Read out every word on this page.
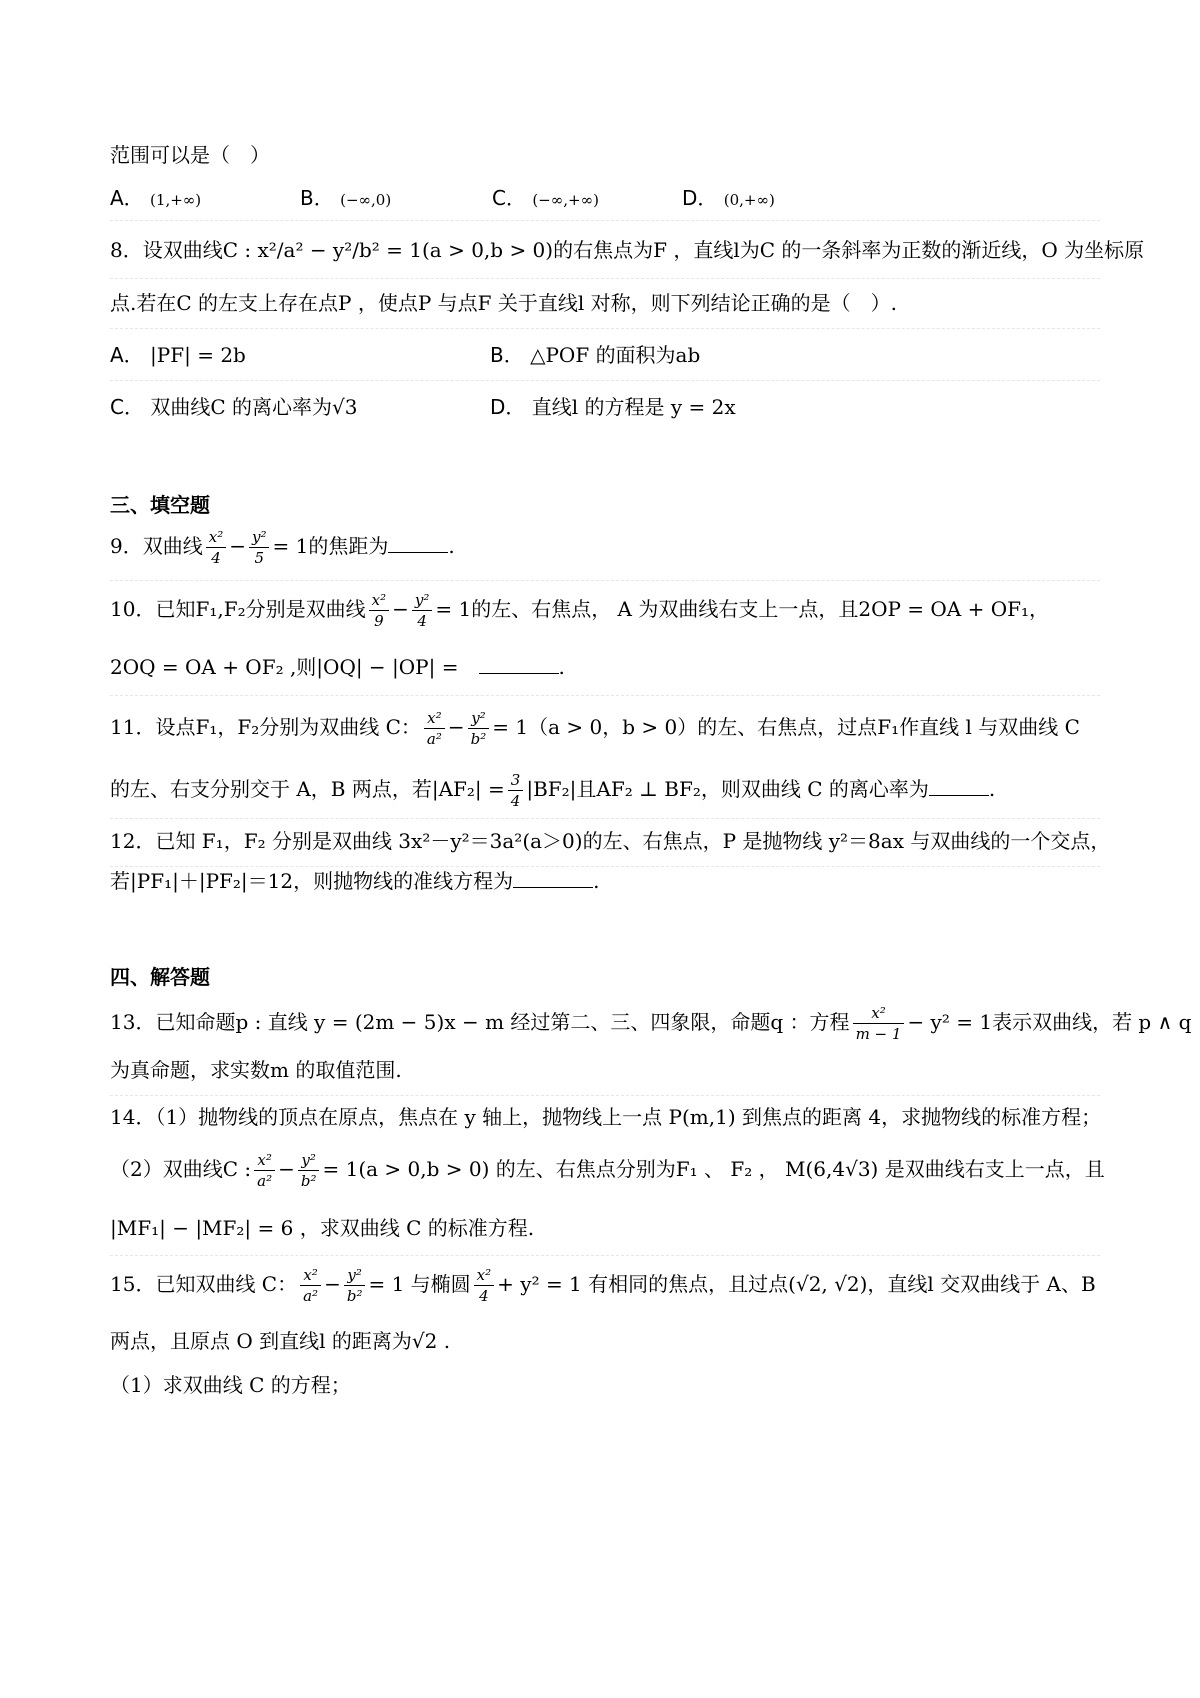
范围可以是（　）
A． (1,+∞)	B． (−∞,0)	C． (−∞,+∞)	D． (0,+∞)
8．设双曲线C : x²/a² − y²/b² = 1(a > 0,b > 0)的右焦点为F ，直线l为C 的一条斜率为正数的渐近线，O 为坐标原
点.若在C 的左支上存在点P ，使点P 与点F 关于直线l 对称，则下列结论正确的是（　）.
A． |PF| = 2b	B． △POF 的面积为ab
C． 双曲线C 的离心率为√3	D． 直线l 的方程是 y = 2x
三、填空题
9．双曲线 $\frac{\text{x²}}{4} - \frac{\text{y²}}{5} = 1$的焦距为	.
10．已知F₁,F₂分别是双曲线 $\frac{\text{x²}}{9} - \frac{\text{y²}}{4} = 1$的左、右焦点， A 为双曲线右支上一点，且2OP = OA + OF₁，
2OQ = OA + OF₂ ,则|OQ| − |OP| =　	.
11．设点F₁，F₂分别为双曲线 C： $\frac{\text{x²}}{\text{a²}} - \frac{\text{y²}}{\text{b²}} = 1(a > 0$，b > 0）的左、右焦点，过点F₁作直线 l 与双曲线 C
的左、右支分别交于 A，B 两点，若$|AF_2| = \frac{3}{4} |BF_2|$且AF₂ ⊥ BF₂，则双曲线 C 的离心率为	.
12．已知 F₁，F₂ 分别是双曲线 3x²－y²＝3a²(a＞0)的左、右焦点，P 是抛物线 y²＝8ax 与双曲线的一个交点，
若|PF₁|＋|PF₂|＝12，则抛物线的准线方程为	.
四、解答题
13．已知命题p : 直线 y = (2m − 5)x − m 经过第二、三、四象限，命题q ：方程 $\frac{\text{x²}}{m - 1} - y^2 = 1$表示双曲线，若 p ∧ q
为真命题，求实数m 的取值范围.
14．（1）抛物线的顶点在原点，焦点在 y 轴上，抛物线上一点 P(m,1) 到焦点的距离 4，求抛物线的标准方程；
（2）双曲线C : $\frac{\text{x²}}{\text{a²}} - \frac{\text{y²}}{\text{b²}} = 1(a > 0,b > 0)$ 的左、右焦点分别为F₁ 、 F₂ ， M(6,4√3) 是双曲线右支上一点，且
|MF₁| − |MF₂| = 6 ，求双曲线 C 的标准方程.
15．已知双曲线 C： $\frac{\text{x²}}{\text{a²}} - \frac{\text{y²}}{\text{b²}} = 1$ 与椭圆 $\frac{\text{x²}}{4} + y^2 = 1$ 有相同的焦点，且过点(√2, √2)，直线l 交双曲线于 A、B
两点，且原点 O 到直线l 的距离为√2 .
（1）求双曲线 C 的方程；
